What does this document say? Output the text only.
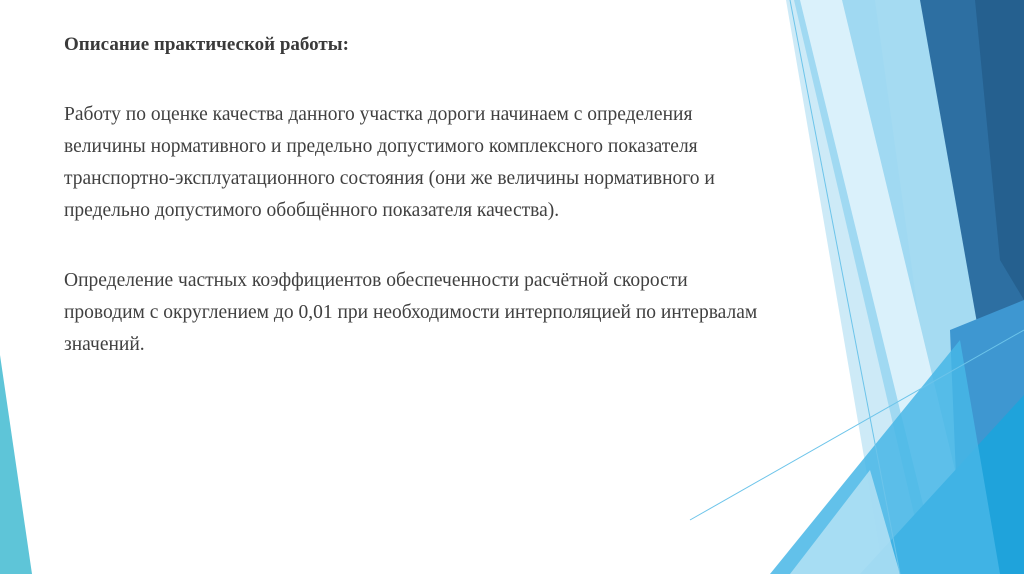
Описание практической работы:

Работу по оценке качества данного участка дороги начинаем с определения величины нормативного и предельно допустимого комплексного показателя транспортно-эксплуатационного состояния (они же величины нормативного и предельно допустимого обобщённого показателя качества).

Определение частных коэффициентов обеспеченности расчётной скорости проводим с округлением до 0,01 при необходимости интерполяцией по интервалам значений.
